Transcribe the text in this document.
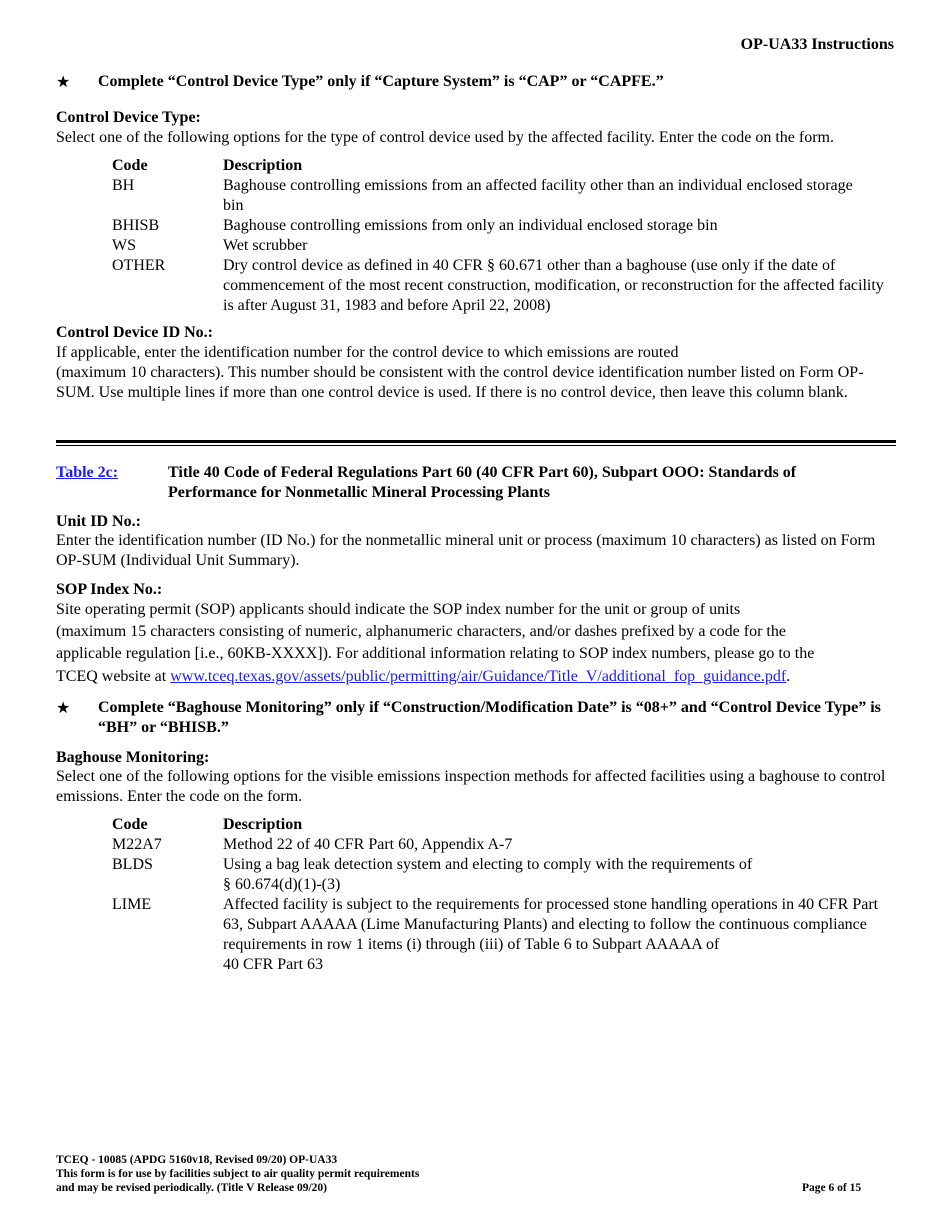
OP-UA33 Instructions
★ Complete “Control Device Type” only if “Capture System” is “CAP” or “CAPFE.”
Control Device Type:
Select one of the following options for the type of control device used by the affected facility. Enter the code on the form.
Code	Description
BH	Baghouse controlling emissions from an affected facility other than an individual enclosed storage bin
BHISB	Baghouse controlling emissions from only an individual enclosed storage bin
WS	Wet scrubber
OTHER	Dry control device as defined in 40 CFR § 60.671 other than a baghouse (use only if the date of commencement of the most recent construction, modification, or reconstruction for the affected facility is after August 31, 1983 and before April 22, 2008)
Control Device ID No.:
If applicable, enter the identification number for the control device to which emissions are routed
(maximum 10 characters). This number should be consistent with the control device identification number listed on Form OP-SUM. Use multiple lines if more than one control device is used. If there is no control device, then leave this column blank.
Table 2c:	Title 40 Code of Federal Regulations Part 60 (40 CFR Part 60), Subpart OOO: Standards of Performance for Nonmetallic Mineral Processing Plants
Unit ID No.:
Enter the identification number (ID No.) for the nonmetallic mineral unit or process (maximum 10 characters) as listed on Form OP-SUM (Individual Unit Summary).
SOP Index No.:
Site operating permit (SOP) applicants should indicate the SOP index number for the unit or group of units
(maximum 15 characters consisting of numeric, alphanumeric characters, and/or dashes prefixed by a code for the
applicable regulation [i.e., 60KB-XXXX]). For additional information relating to SOP index numbers, please go to the
TCEQ website at www.tceq.texas.gov/assets/public/permitting/air/Guidance/Title_V/additional_fop_guidance.pdf.
★ Complete “Baghouse Monitoring” only if “Construction/Modification Date” is “08+” and “Control Device Type” is “BH” or “BHISB.”
Baghouse Monitoring:
Select one of the following options for the visible emissions inspection methods for affected facilities using a baghouse to control emissions. Enter the code on the form.
Code	Description
M22A7	Method 22 of 40 CFR Part 60, Appendix A-7
BLDS	Using a bag leak detection system and electing to comply with the requirements of
§ 60.674(d)(1)-(3)
LIME	Affected facility is subject to the requirements for processed stone handling operations in 40 CFR Part 63, Subpart AAAAA (Lime Manufacturing Plants) and electing to follow the continuous compliance requirements in row 1 items (i) through (iii) of Table 6 to Subpart AAAAA of
40 CFR Part 63
TCEQ - 10085 (APDG 5160v18, Revised 09/20) OP-UA33
This form is for use by facilities subject to air quality permit requirements
and may be revised periodically. (Title V Release 09/20)	Page 6 of 15
